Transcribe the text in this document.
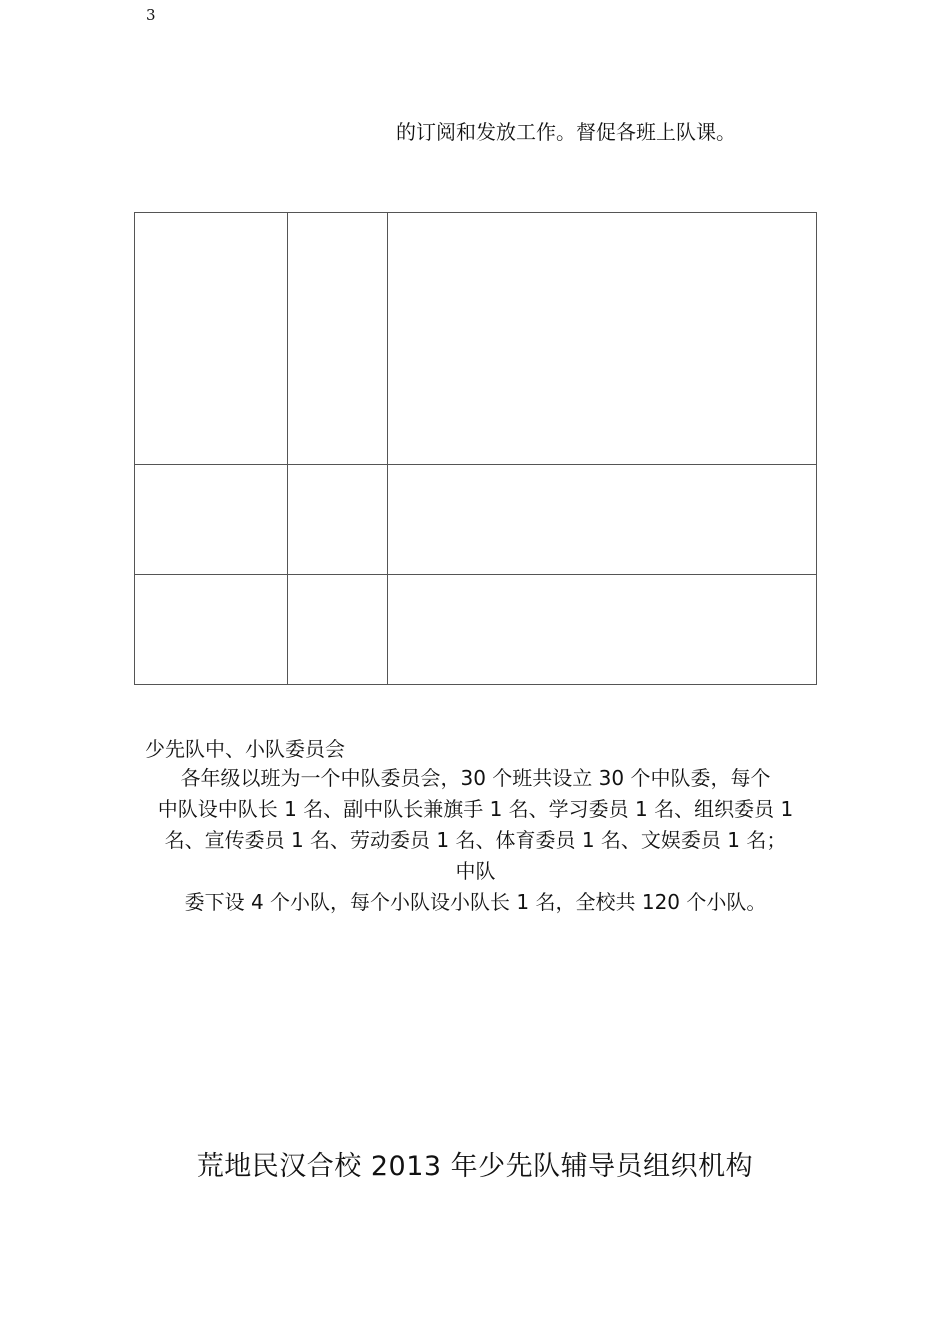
3
的订阅和发放工作。督促各班上队课。

少先队中、小队委员会
各年级以班为一个中队委员会，30 个班共设立 30 个中队委，每个
中队设中队长 1 名、副中队长兼旗手 1 名、学习委员 1 名、组织委员 1
名、宣传委员 1 名、劳动委员 1 名、体育委员 1 名、文娱委员 1 名；
中队
委下设 4 个小队，每个小队设小队长 1 名，全校共 120 个小队。
荒地民汉合校 2013 年少先队辅导员组织机构
